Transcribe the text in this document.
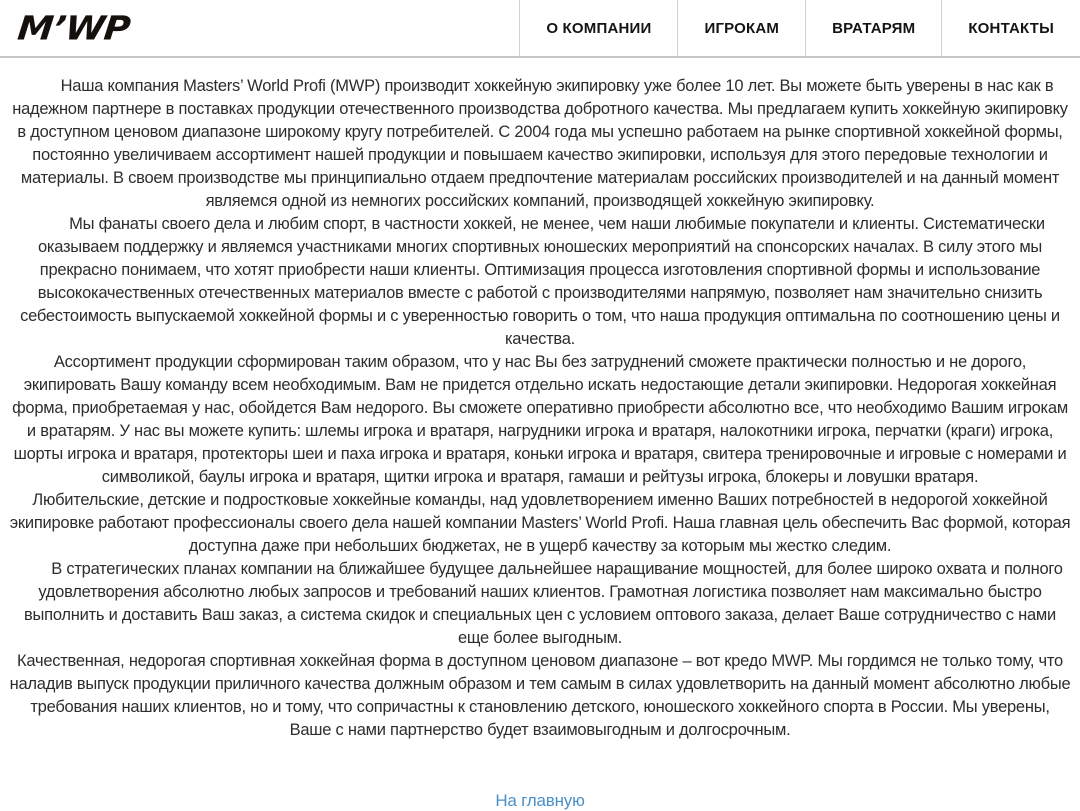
M’WP	О КОМПАНИИ	ИГРОКАМ	ВРАТАРЯМ	КОНТАКТЫ

Наша компания Masters’ World Profi (MWP) производит хоккейную экипировку уже более 10 лет. Вы можете быть уверены в нас как в надежном партнере в поставках продукции отечественного производства добротного качества. Мы предлагаем купить хоккейную экипировку в доступном ценовом диапазоне широкому кругу потребителей. С 2004 года мы успешно работаем на рынке спортивной хоккейной формы, постоянно увеличиваем ассортимент нашей продукции и повышаем качество экипировки, используя для этого передовые технологии и материалы. В своем производстве мы принципиально отдаем предпочтение материалам российских производителей и на данный момент являемся одной из немногих российских компаний, производящей хоккейную экипировку.

Мы фанаты своего дела и любим спорт, в частности хоккей, не менее, чем наши любимые покупатели и клиенты. Систематически оказываем поддержку и являемся участниками многих спортивных юношеских мероприятий на спонсорских началах. В силу этого мы прекрасно понимаем, что хотят приобрести наши клиенты. Оптимизация процесса изготовления спортивной формы и использование высококачественных отечественных материалов вместе с работой с производителями напрямую, позволяет нам значительно снизить себестоимость выпускаемой хоккейной формы и с уверенностью говорить о том, что наша продукция оптимальна по соотношению цены и качества.

Ассортимент продукции сформирован таким образом, что у нас Вы без затруднений сможете практически полностью и не дорого, экипировать Вашу команду всем необходимым. Вам не придется отдельно искать недостающие детали экипировки. Недорогая хоккейная форма, приобретаемая у нас, обойдется Вам недорого. Вы сможете оперативно приобрести абсолютно все, что необходимо Вашим игрокам и вратарям. У нас вы можете купить: шлемы игрока и вратаря, нагрудники игрока и вратаря, налокотники игрока, перчатки (краги) игрока, шорты игрока и вратаря, протекторы шеи и паха игрока и вратаря, коньки игрока и вратаря, свитера тренировочные и игровые с номерами и символикой, баулы игрока и вратаря, щитки игрока и вратаря, гамаши и рейтузы игрока, блокеры и ловушки вратаря.

Любительские, детские и подростковые хоккейные команды, над удовлетворением именно Ваших потребностей в недорогой хоккейной экипировке работают профессионалы своего дела нашей компании Masters’ World Profi. Наша главная цель обеспечить Вас формой, которая доступна даже при небольших бюджетах, не в ущерб качеству за которым мы жестко следим.

В стратегических планах компании на ближайшее будущее дальнейшее наращивание мощностей, для более широко охвата и полного удовлетворения абсолютно любых запросов и требований наших клиентов. Грамотная логистика позволяет нам максимально быстро выполнить и доставить Ваш заказ, а система скидок и специальных цен с условием оптового заказа, делает Ваше сотрудничество с нами еще более выгодным.

Качественная, недорогая спортивная хоккейная форма в доступном ценовом диапазоне – вот кредо MWP. Мы гордимся не только тому, что наладив выпуск продукции приличного качества должным образом и тем самым в силах удовлетворить на данный момент абсолютно любые требования наших клиентов, но и тому, что сопричастны к становлению детского, юношеского хоккейного спорта в России. Мы уверены, Ваше с нами партнерство будет взаимовыгодным и долгосрочным.

На главную
